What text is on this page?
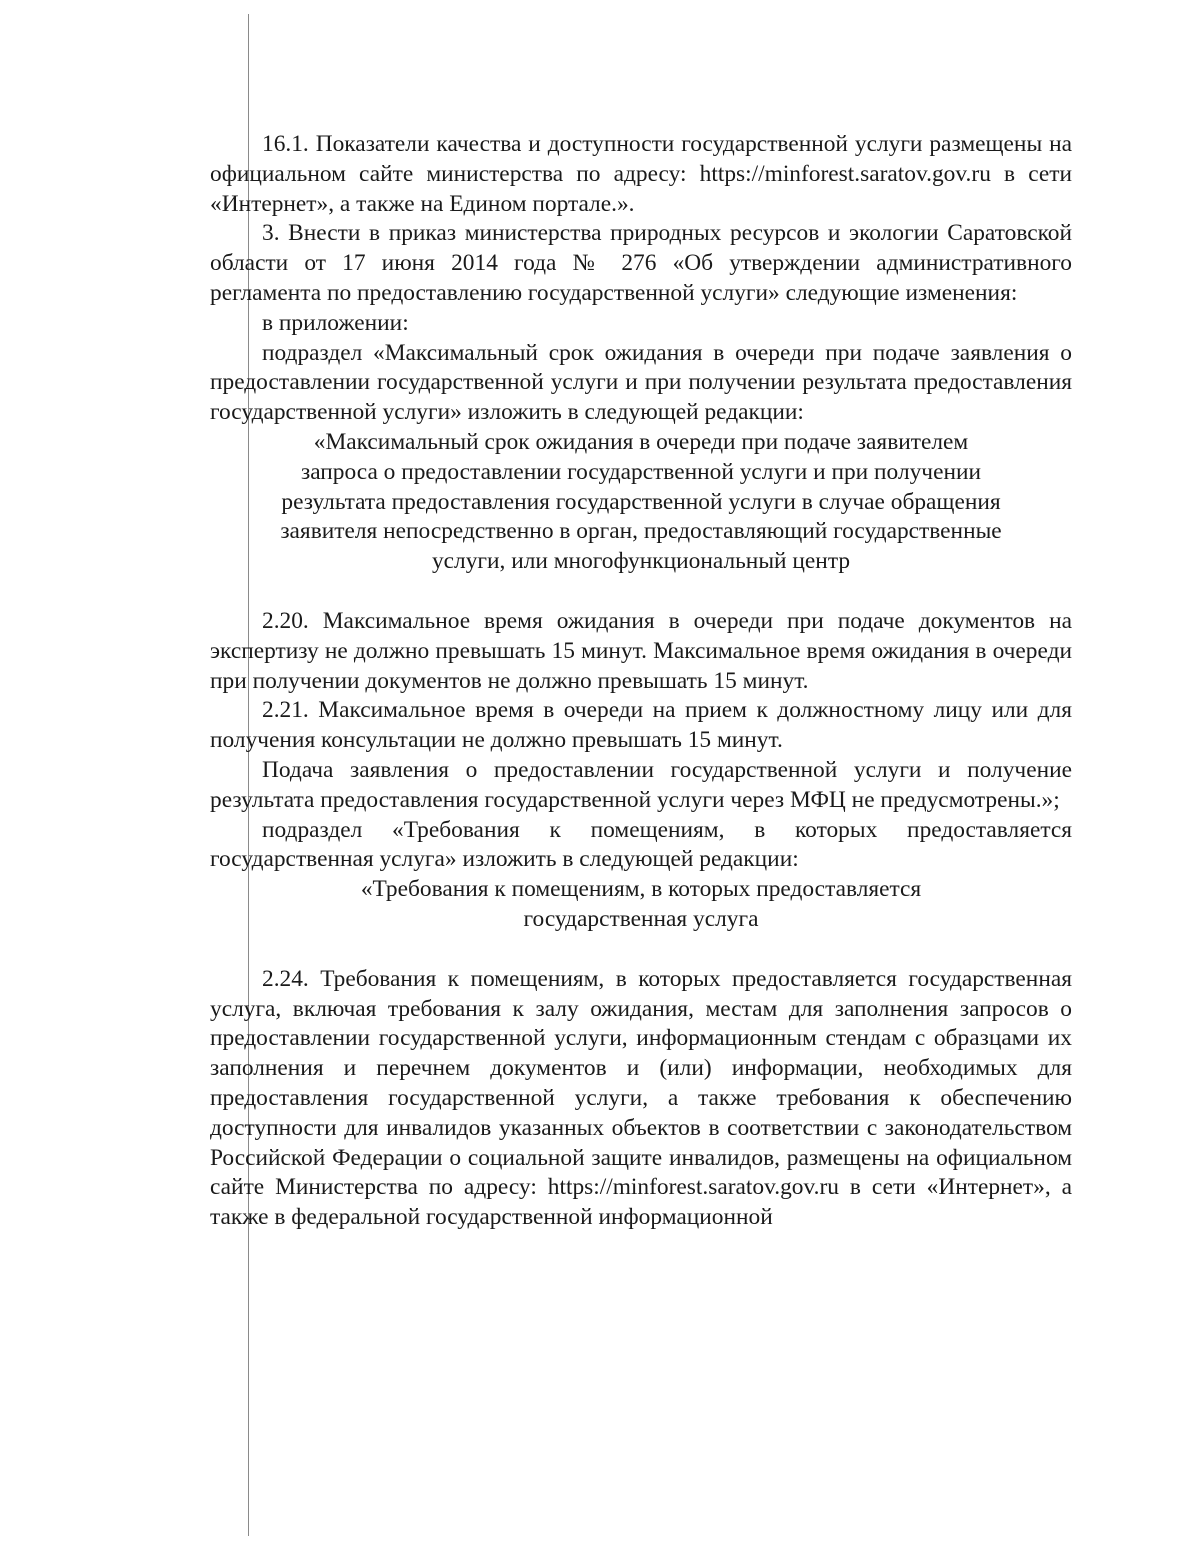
16.1. Показатели качества и доступности государственной услуги размещены на официальном сайте министерства по адресу: https://minforest.saratov.gov.ru в сети «Интернет», а также на Едином портале.».

3. Внести в приказ министерства природных ресурсов и экологии Саратовской области от 17 июня 2014 года № 276 «Об утверждении административного регламента по предоставлению государственной услуги» следующие изменения:

в приложении:

подраздел «Максимальный срок ожидания в очереди при подаче заявления о предоставлении государственной услуги и при получении результата предоставления государственной услуги» изложить в следующей редакции:

«Максимальный срок ожидания в очереди при подаче заявителем
запроса о предоставлении государственной услуги и при получении
результата предоставления государственной услуги в случае обращения
заявителя непосредственно в орган, предоставляющий государственные
услуги, или многофункциональный центр

2.20. Максимальное время ожидания в очереди при подаче документов на экспертизу не должно превышать 15 минут. Максимальное время ожидания в очереди при получении документов не должно превышать 15 минут.

2.21. Максимальное время в очереди на прием к должностному лицу или для получения консультации не должно превышать 15 минут.

Подача заявления о предоставлении государственной услуги и получение результата предоставления государственной услуги через МФЦ не предусмотрены.»;

подраздел «Требования к помещениям, в которых предоставляется государственная услуга» изложить в следующей редакции:

«Требования к помещениям, в которых предоставляется
государственная услуга

2.24. Требования к помещениям, в которых предоставляется государственная услуга, включая требования к залу ожидания, местам для заполнения запросов о предоставлении государственной услуги, информационным стендам с образцами их заполнения и перечнем документов и (или) информации, необходимых для предоставления государственной услуги, а также требования к обеспечению доступности для инвалидов указанных объектов в соответствии с законодательством Российской Федерации о социальной защите инвалидов, размещены на официальном сайте Министерства по адресу: https://minforest.saratov.gov.ru в сети «Интернет», а также в федеральной государственной информационной
